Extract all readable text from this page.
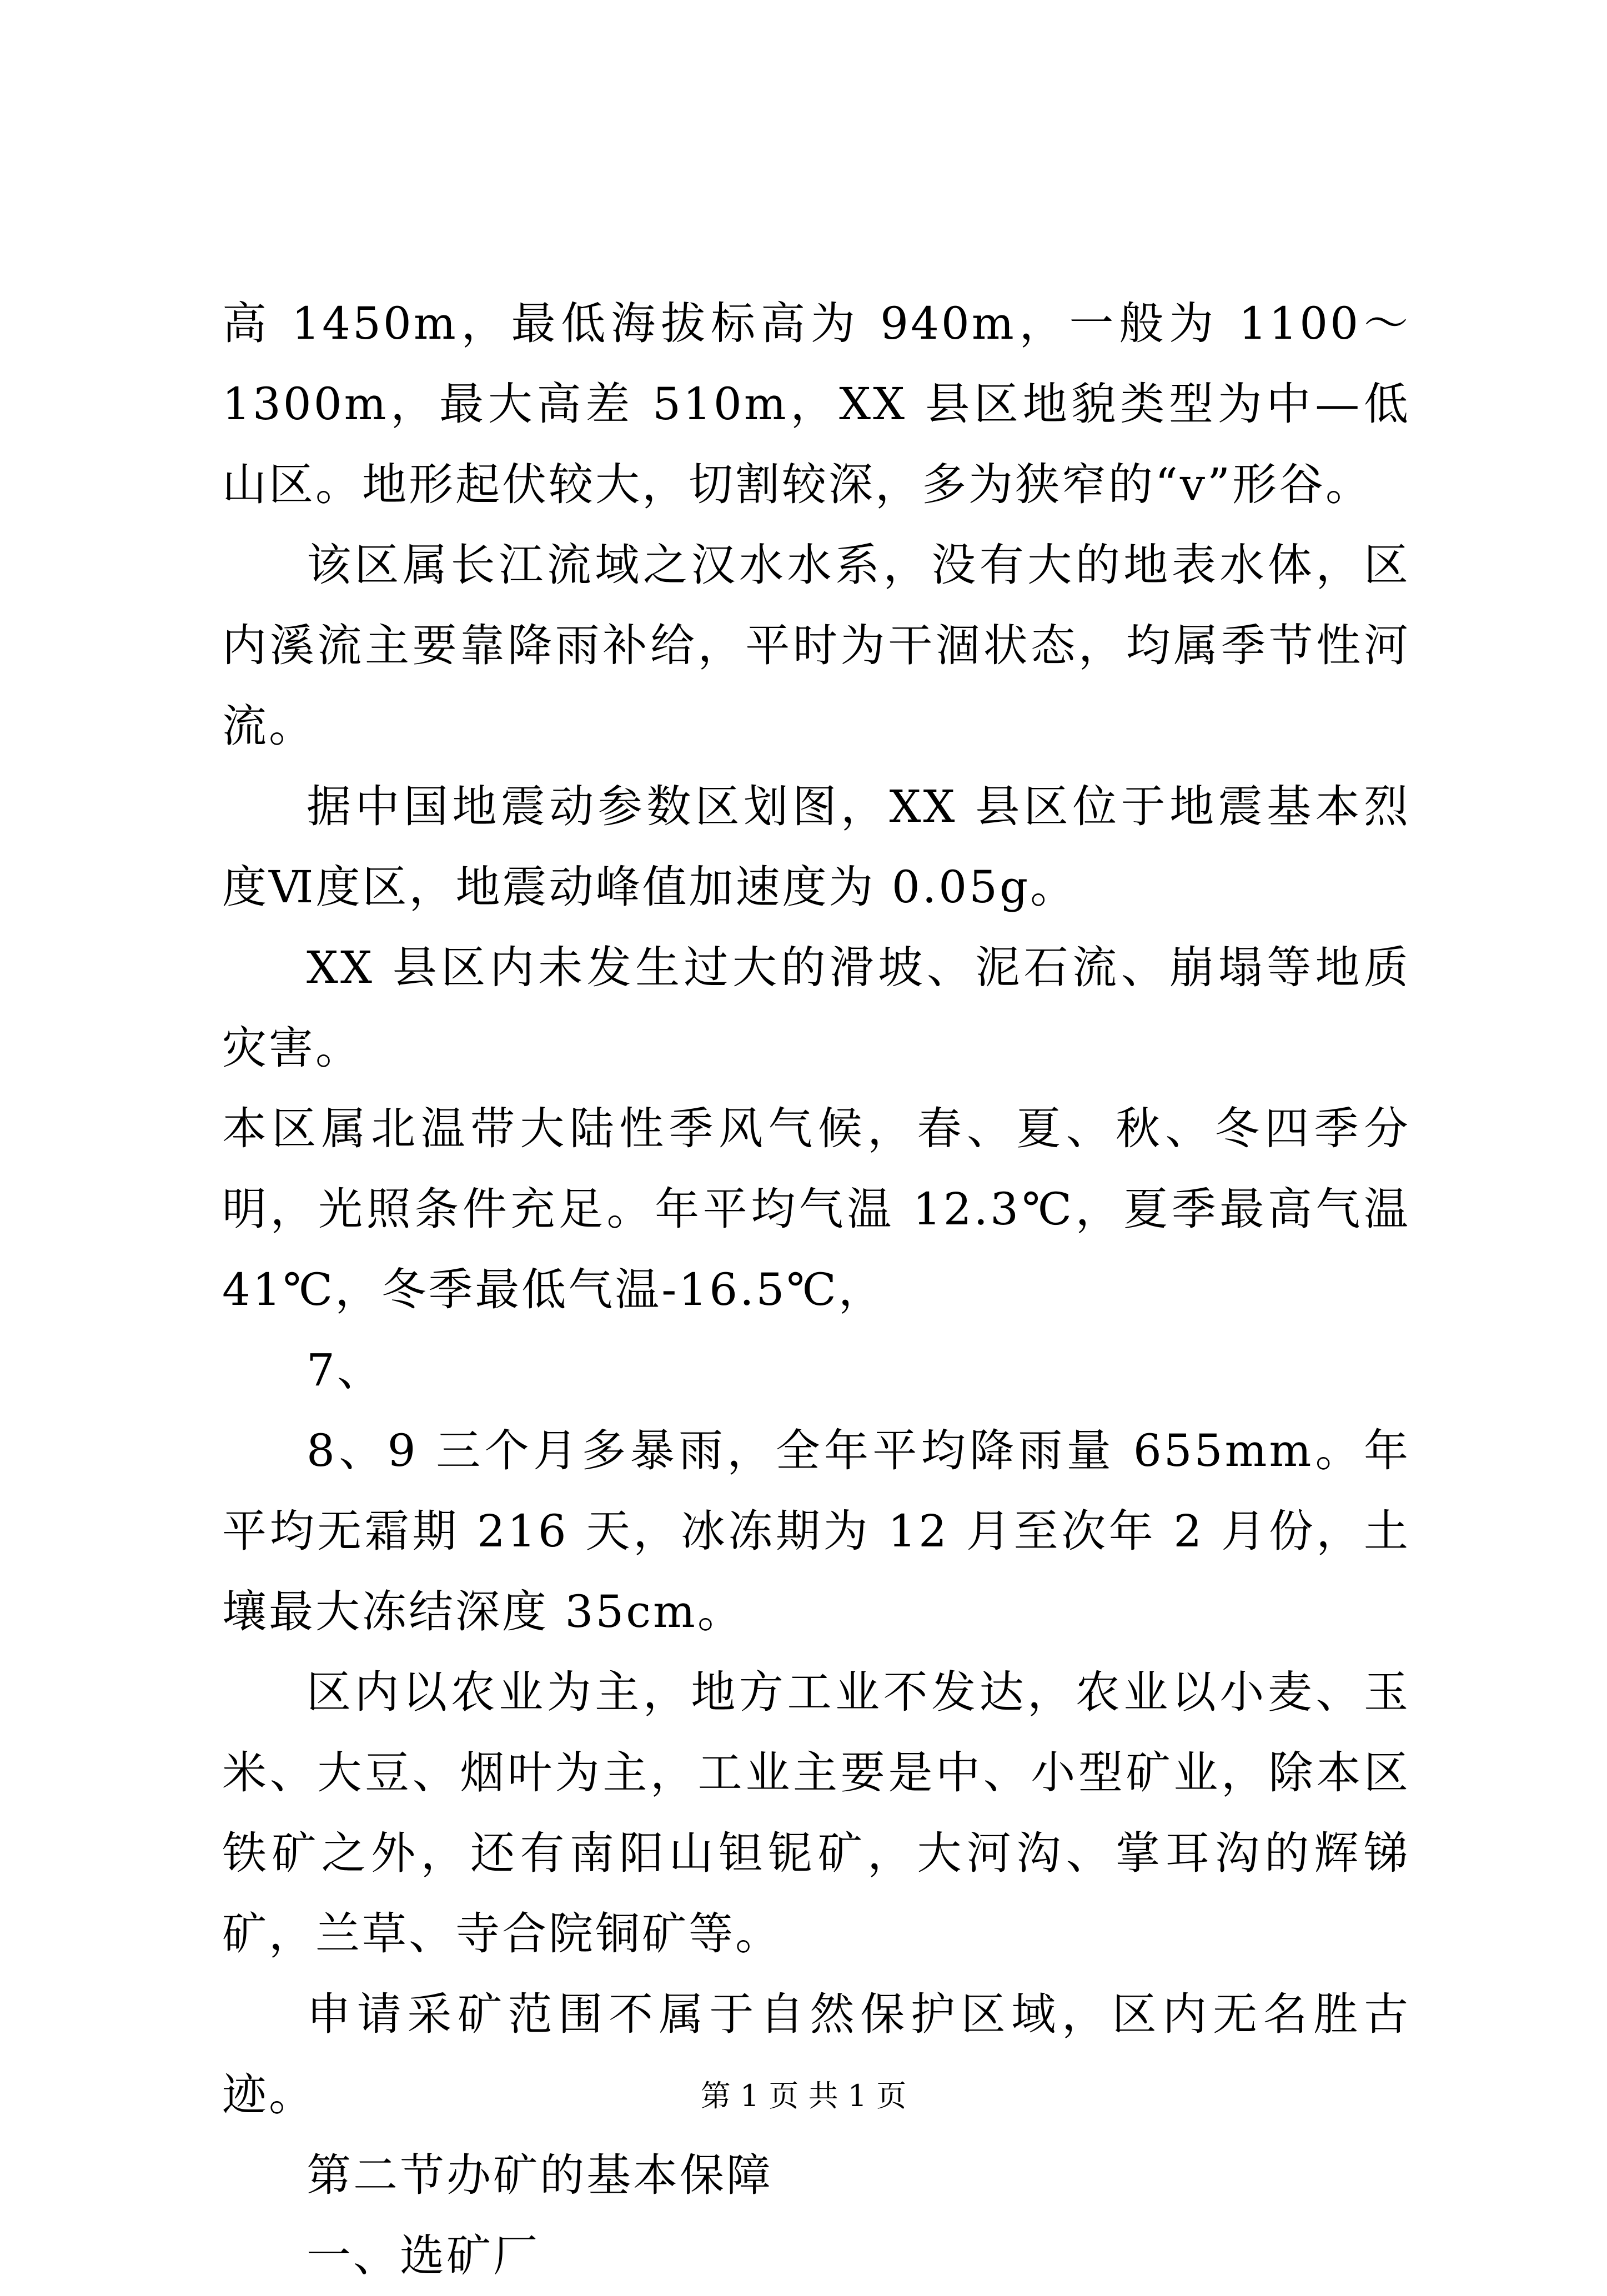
高 1450m，最低海拔标高为 940m，一般为 1100～1300m，最大高差 510m，XX 县区地貌类型为中—低山区。地形起伏较大，切割较深，多为狭窄的“v”形谷。

该区属长江流域之汉水水系，没有大的地表水体，区内溪流主要靠降雨补给，平时为干涸状态，均属季节性河流。

据中国地震动参数区划图，XX 县区位于地震基本烈度Ⅵ度区，地震动峰值加速度为 0.05g。

XX 县区内未发生过大的滑坡、泥石流、崩塌等地质灾害。

本区属北温带大陆性季风气候，春、夏、秋、冬四季分明，光照条件充足。年平均气温 12.3℃，夏季最高气温 41℃，冬季最低气温-16.5℃，

7、

8、9 三个月多暴雨，全年平均降雨量 655mm。年平均无霜期 216 天，冰冻期为 12 月至次年 2 月份，土壤最大冻结深度 35cm。

区内以农业为主，地方工业不发达，农业以小麦、玉米、大豆、烟叶为主，工业主要是中、小型矿业，除本区铁矿之外，还有南阳山钽铌矿，大河沟、掌耳沟的辉锑矿，兰草、寺合院铜矿等。

申请采矿范围不属于自然保护区域，区内无名胜古迹。

第二节办矿的基本保障

一、选矿厂

第 1 页 共 1 页
